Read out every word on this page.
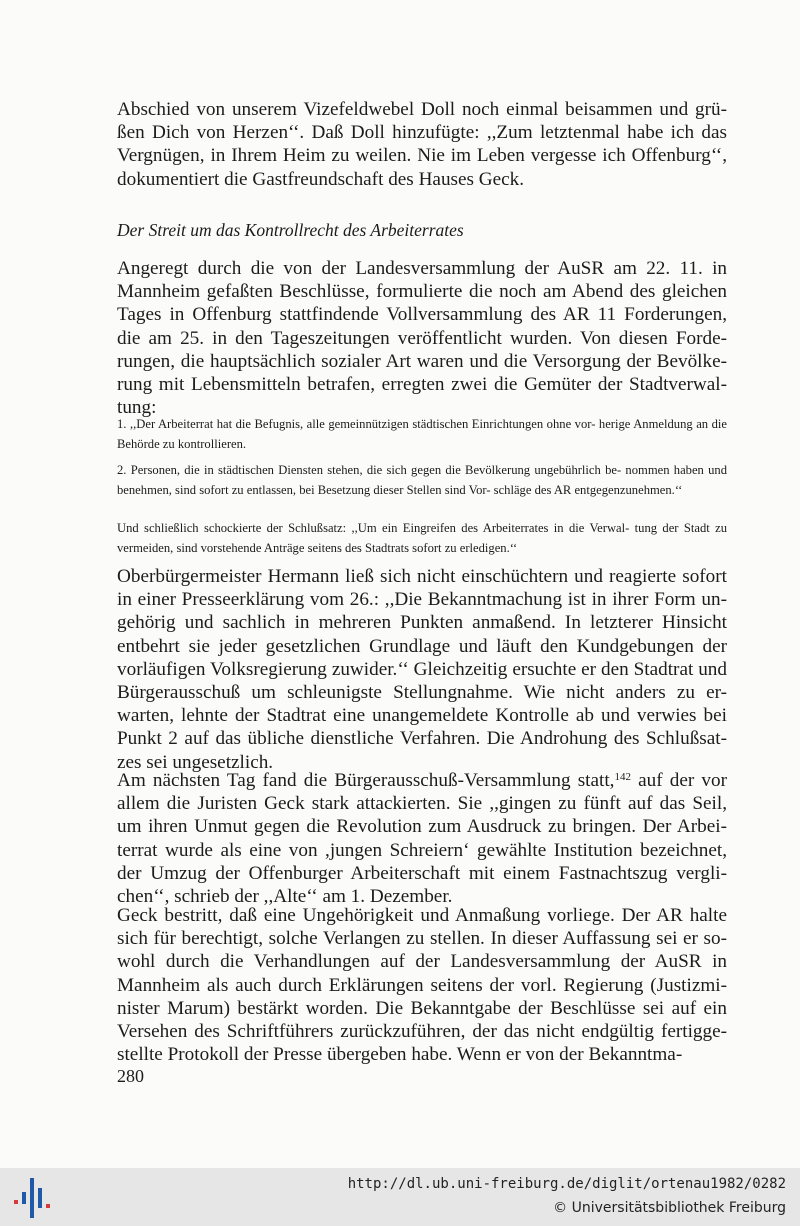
Abschied von unserem Vizefeldwebel Doll noch einmal beisammen und grü- ßen Dich von Herzen‘‘. Daß Doll hinzufügte: ,,Zum letztenmal habe ich das Vergnügen, in Ihrem Heim zu weilen. Nie im Leben vergesse ich Offenburg‘‘, dokumentiert die Gastfreundschaft des Hauses Geck.

Der Streit um das Kontrollrecht des Arbeiterrates

Angeregt durch die von der Landesversammlung der AuSR am 22. 11. in Mannheim gefaßten Beschlüsse, formulierte die noch am Abend des gleichen Tages in Offenburg stattfindende Vollversammlung des AR 11 Forderungen, die am 25. in den Tageszeitungen veröffentlicht wurden. Von diesen Forde- rungen, die hauptsächlich sozialer Art waren und die Versorgung der Bevölke- rung mit Lebensmitteln betrafen, erregten zwei die Gemüter der Stadtverwal- tung:

1. ,,Der Arbeiterrat hat die Befugnis, alle gemeinnützigen städtischen Einrichtungen ohne vor- herige Anmeldung an die Behörde zu kontrollieren.

2. Personen, die in städtischen Diensten stehen, die sich gegen die Bevölkerung ungebührlich be- nommen haben und benehmen, sind sofort zu entlassen, bei Besetzung dieser Stellen sind Vor- schläge des AR entgegenzunehmen.‘‘

Und schließlich schockierte der Schlußsatz: ,,Um ein Eingreifen des Arbeiterrates in die Verwal- tung der Stadt zu vermeiden, sind vorstehende Anträge seitens des Stadtrats sofort zu erledigen.‘‘

Oberbürgermeister Hermann ließ sich nicht einschüchtern und reagierte sofort in einer Presseerklärung vom 26.: ,,Die Bekanntmachung ist in ihrer Form un- gehörig und sachlich in mehreren Punkten anmaßend. In letzterer Hinsicht entbehrt sie jeder gesetzlichen Grundlage und läuft den Kundgebungen der vorläufigen Volksregierung zuwider.‘‘ Gleichzeitig ersuchte er den Stadtrat und Bürgerausschuß um schleunigste Stellungnahme. Wie nicht anders zu er- warten, lehnte der Stadtrat eine unangemeldete Kontrolle ab und verwies bei Punkt 2 auf das übliche dienstliche Verfahren. Die Androhung des Schlußsat- zes sei ungesetzlich.

Am nächsten Tag fand die Bürgerausschuß-Versammlung statt,$^{142}$ auf der vor allem die Juristen Geck stark attackierten. Sie ,,gingen zu fünft auf das Seil, um ihren Unmut gegen die Revolution zum Ausdruck zu bringen. Der Arbei- terrat wurde als eine von ,jungen Schreiern‘ gewählte Institution bezeichnet, der Umzug der Offenburger Arbeiterschaft mit einem Fastnachtszug vergli- chen‘‘, schrieb der ,,Alte‘‘ am 1. Dezember.

Geck bestritt, daß eine Ungehörigkeit und Anmaßung vorliege. Der AR halte sich für berechtigt, solche Verlangen zu stellen. In dieser Auffassung sei er so- wohl durch die Verhandlungen auf der Landesversammlung der AuSR in Mannheim als auch durch Erklärungen seitens der vorl. Regierung (Justizmi- nister Marum) bestärkt worden. Die Bekanntgabe der Beschlüsse sei auf ein Versehen des Schriftführers zurückzuführen, der das nicht endgültig fertigge- stellte Protokoll der Presse übergeben habe. Wenn er von der Bekanntma-

280
http://dl.ub.uni-freiburg.de/diglit/ortenau1982/0282
© Universitätsbibliothek Freiburg
